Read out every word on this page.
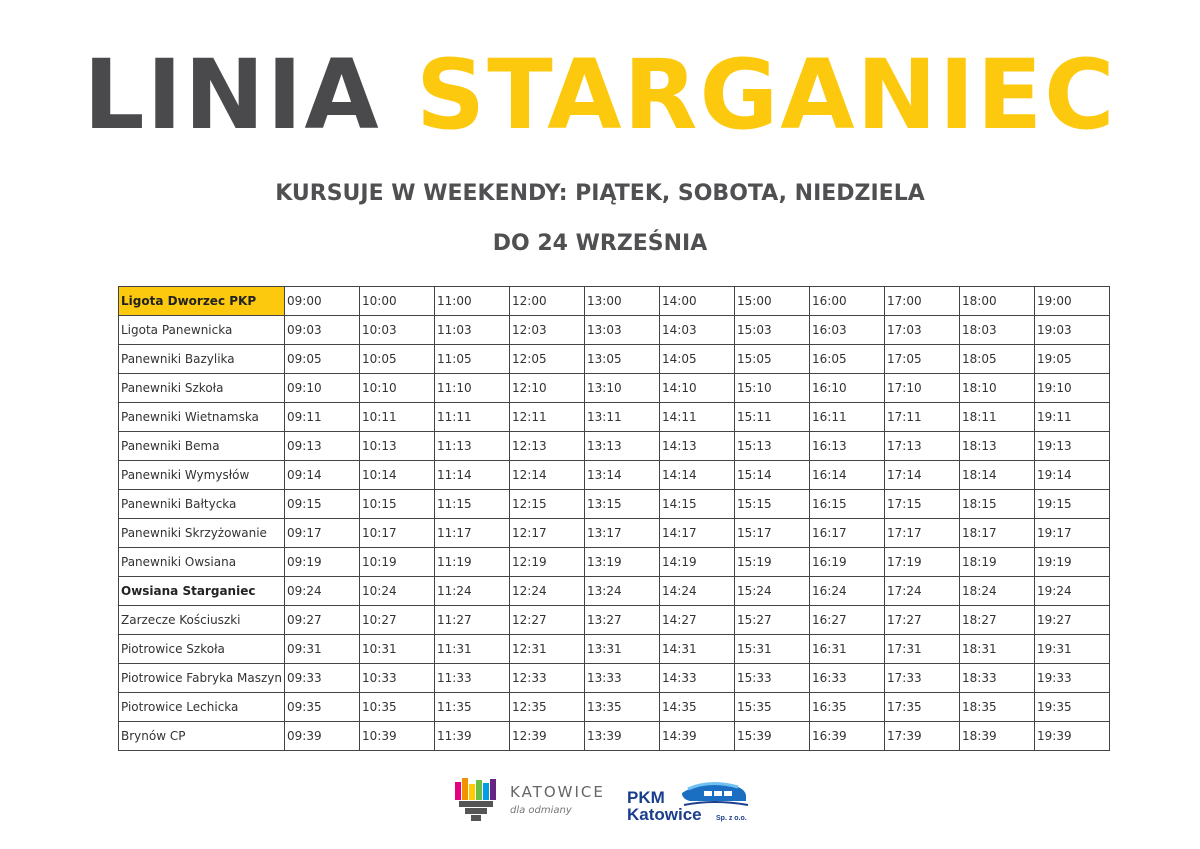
LINIA STARGANIEC
KURSUJE W WEEKENDY: PIĄTEK, SOBOTA, NIEDZIELA
DO 24 WRZEŚNIA
Ligota Dworzec PKP	09:00	10:00	11:00	12:00	13:00	14:00	15:00	16:00	17:00	18:00	19:00
Ligota Panewnicka	09:03	10:03	11:03	12:03	13:03	14:03	15:03	16:03	17:03	18:03	19:03
Panewniki Bazylika	09:05	10:05	11:05	12:05	13:05	14:05	15:05	16:05	17:05	18:05	19:05
Panewniki Szkoła	09:10	10:10	11:10	12:10	13:10	14:10	15:10	16:10	17:10	18:10	19:10
Panewniki Wietnamska	09:11	10:11	11:11	12:11	13:11	14:11	15:11	16:11	17:11	18:11	19:11
Panewniki Bema	09:13	10:13	11:13	12:13	13:13	14:13	15:13	16:13	17:13	18:13	19:13
Panewniki Wymysłów	09:14	10:14	11:14	12:14	13:14	14:14	15:14	16:14	17:14	18:14	19:14
Panewniki Bałtycka	09:15	10:15	11:15	12:15	13:15	14:15	15:15	16:15	17:15	18:15	19:15
Panewniki Skrzyżowanie	09:17	10:17	11:17	12:17	13:17	14:17	15:17	16:17	17:17	18:17	19:17
Panewniki Owsiana	09:19	10:19	11:19	12:19	13:19	14:19	15:19	16:19	17:19	18:19	19:19
Owsiana Starganiec	09:24	10:24	11:24	12:24	13:24	14:24	15:24	16:24	17:24	18:24	19:24
Zarzecze Kościuszki	09:27	10:27	11:27	12:27	13:27	14:27	15:27	16:27	17:27	18:27	19:27
Piotrowice Szkoła	09:31	10:31	11:31	12:31	13:31	14:31	15:31	16:31	17:31	18:31	19:31
Piotrowice Fabryka Maszyn	09:33	10:33	11:33	12:33	13:33	14:33	15:33	16:33	17:33	18:33	19:33
Piotrowice Lechicka	09:35	10:35	11:35	12:35	13:35	14:35	15:35	16:35	17:35	18:35	19:35
Brynów CP	09:39	10:39	11:39	12:39	13:39	14:39	15:39	16:39	17:39	18:39	19:39
KATOWICE
dla odmiany
PKM
Katowice Sp. z o.o.
